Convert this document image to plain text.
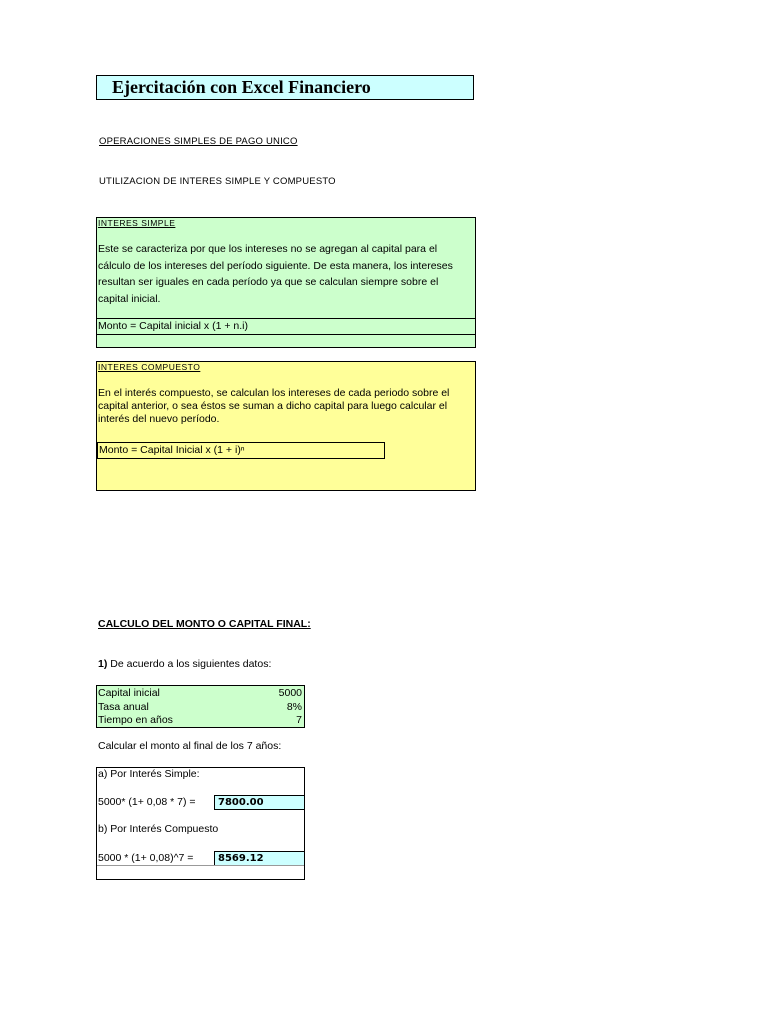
Ejercitación con Excel Financiero
OPERACIONES SIMPLES DE PAGO UNICO
UTILIZACION DE INTERES SIMPLE Y COMPUESTO
INTERES SIMPLE
Este se caracteriza por que los intereses no se agregan al capital para el
cálculo de los intereses del período siguiente. De esta manera, los intereses
resultan ser iguales en cada período ya que se calculan siempre sobre el
capital inicial.
Monto = Capital inicial x (1 + n.i)
INTERES COMPUESTO
En el interés compuesto, se calculan los intereses de cada periodo sobre el
capital anterior, o sea éstos se suman a dicho capital para luego calcular el
interés del nuevo período.
Monto = Capital Inicial x (1 + i)ⁿ
CALCULO DEL MONTO O CAPITAL FINAL:
1) De acuerdo a los siguientes datos:
Capital inicial	5000
Tasa anual	8%
Tiempo en años	7
Calcular el monto al final de los 7 años:
a) Por Interés Simple:
5000* (1+ 0,08 * 7) =	7800.00
b) Por Interés Compuesto
5000 * (1+ 0,08)^7 =	8569.12
